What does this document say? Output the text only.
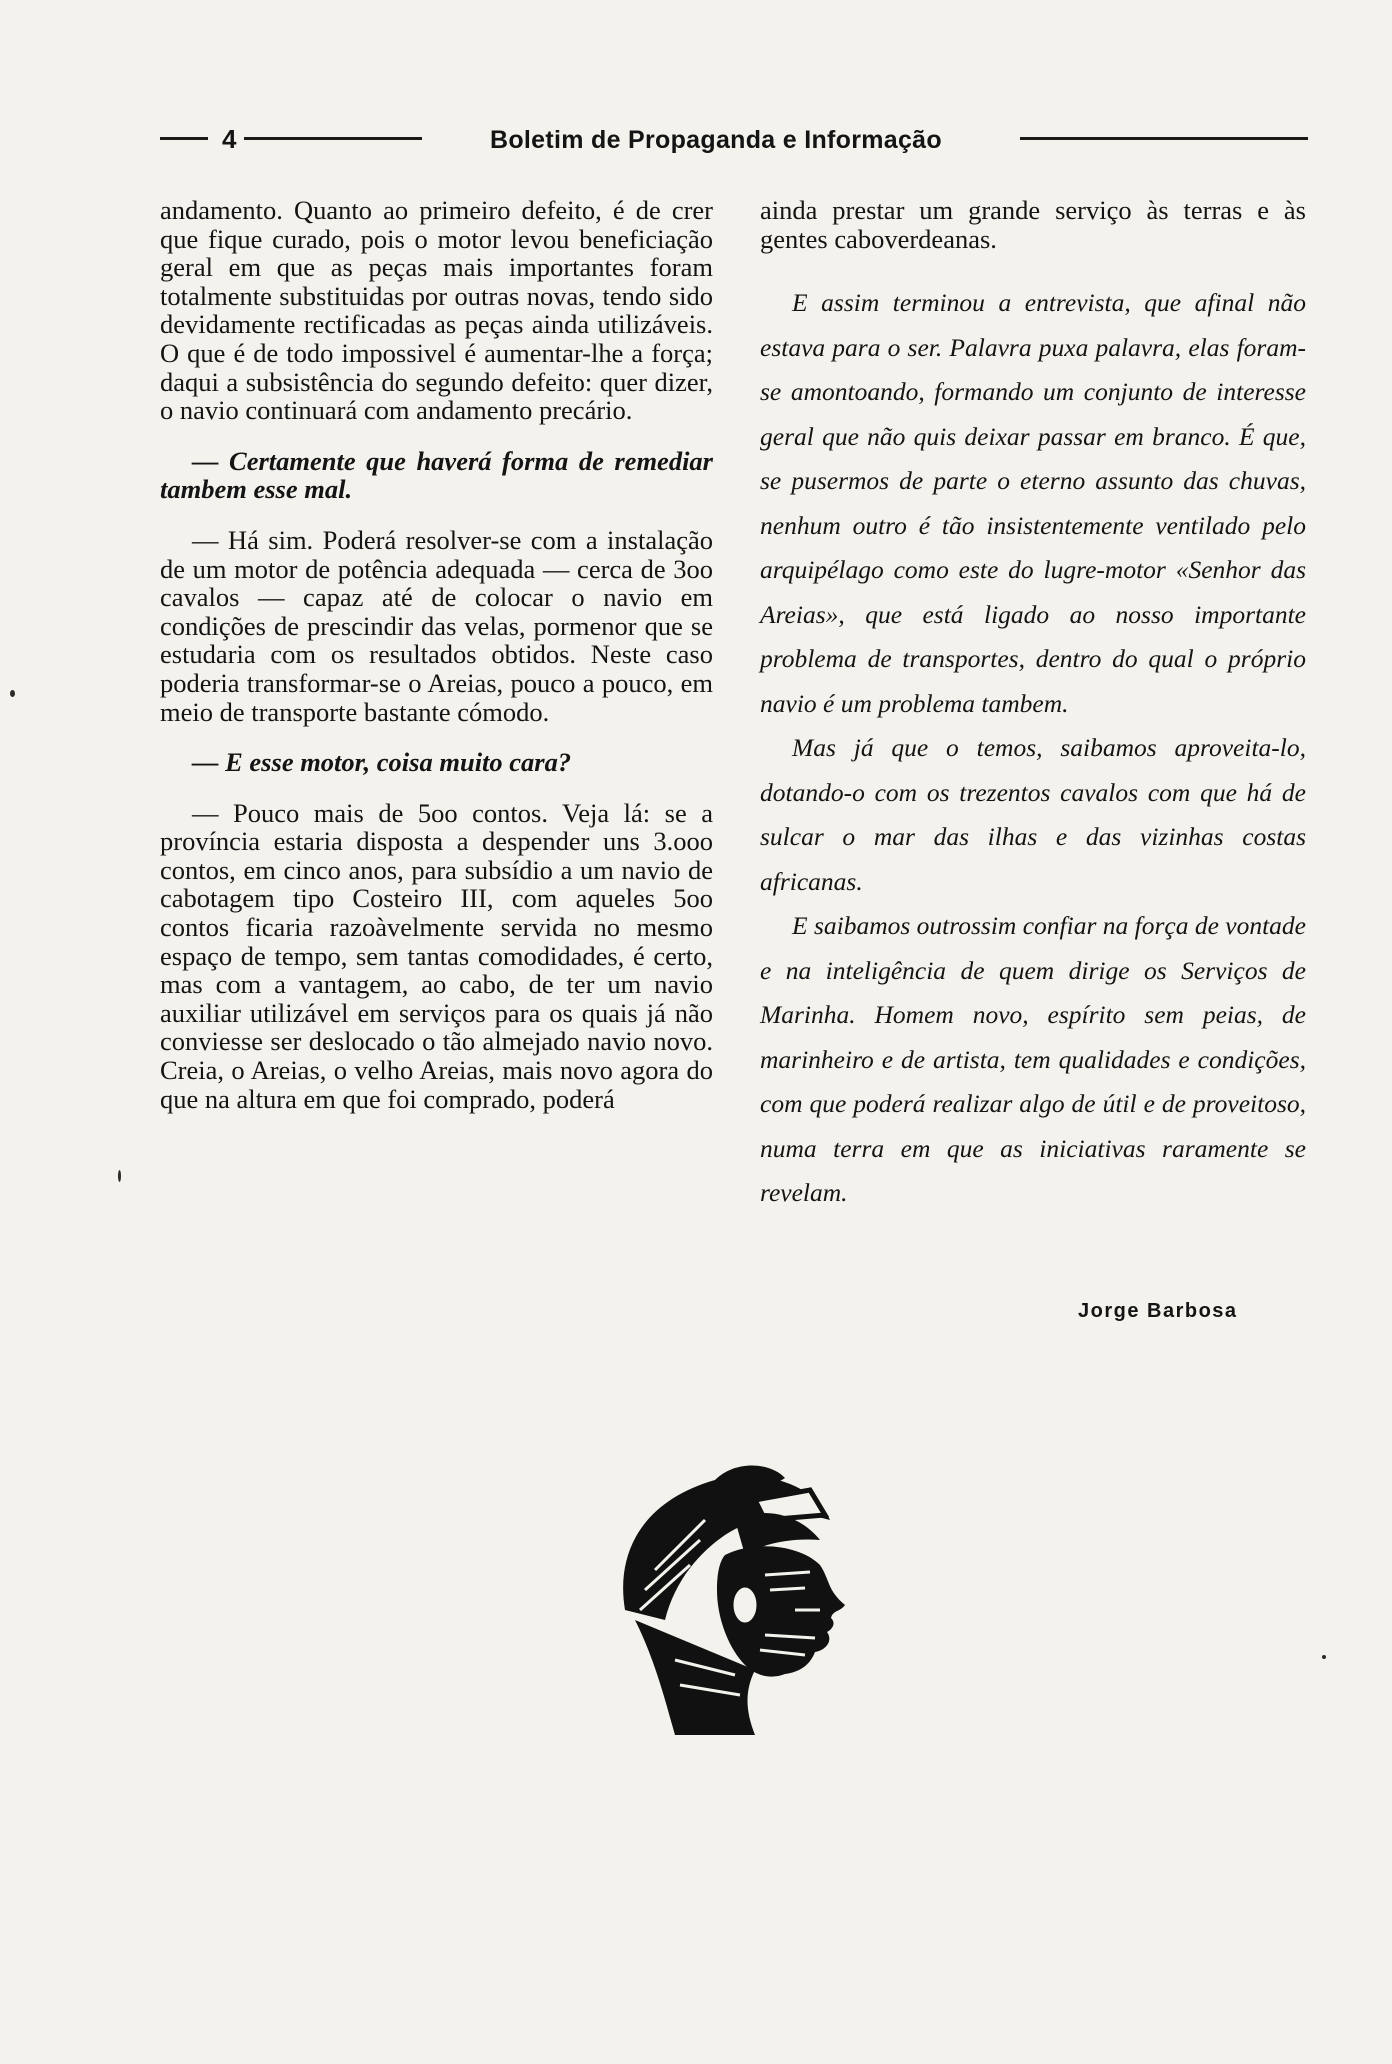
4	Boletim de Propaganda e Informação

andamento. Quanto ao primeiro defeito, é de crer que fique curado, pois o motor levou beneficiação geral em que as peças mais importantes foram totalmente substituidas por outras novas, tendo sido devidamente rectificadas as peças ainda utilizáveis. O que é de todo impossivel é aumentar-lhe a força; daqui a subsistência do segundo defeito: quer dizer, o navio continuará com andamento precário.

— Certamente que haverá forma de remediar tambem esse mal.

— Há sim. Poderá resolver-se com a instalação de um motor de potência adequada — cerca de 3oo cavalos — capaz até de colocar o navio em condições de prescindir das velas, pormenor que se estudaria com os resultados obtidos. Neste caso poderia transformar-se o Areias, pouco a pouco, em meio de transporte bastante cómodo.

— E esse motor, coisa muito cara?

— Pouco mais de 5oo contos. Veja lá: se a província estaria disposta a despender uns 3.ooo contos, em cinco anos, para subsídio a um navio de cabotagem tipo Costeiro III, com aqueles 5oo contos ficaria razoàvelmente servida no mesmo espaço de tempo, sem tantas comodidades, é certo, mas com a vantagem, ao cabo, de ter um navio auxiliar utilizável em serviços para os quais já não conviesse ser deslocado o tão almejado navio novo. Creia, o Areias, o velho Areias, mais novo agora do que na altura em que foi comprado, poderá

ainda prestar um grande serviço às terras e às gentes caboverdeanas.

E assim terminou a entrevista, que afinal não estava para o ser. Palavra puxa palavra, elas foram-se amontoando, formando um conjunto de interesse geral que não quis deixar passar em branco. É que, se pusermos de parte o eterno assunto das chuvas, nenhum outro é tão insistentemente ventilado pelo arquipélago como este do lugre-motor «Senhor das Areias», que está ligado ao nosso importante problema de transportes, dentro do qual o próprio navio é um problema tambem.

Mas já que o temos, saibamos aproveita-lo, dotando-o com os trezentos cavalos com que há de sulcar o mar das ilhas e das vizinhas costas africanas.

E saibamos outrossim confiar na força de vontade e na inteligência de quem dirige os Serviços de Marinha. Homem novo, espírito sem peias, de marinheiro e de artista, tem qualidades e condições, com que poderá realizar algo de útil e de proveitoso, numa terra em que as iniciativas raramente se revelam.

Jorge Barbosa
